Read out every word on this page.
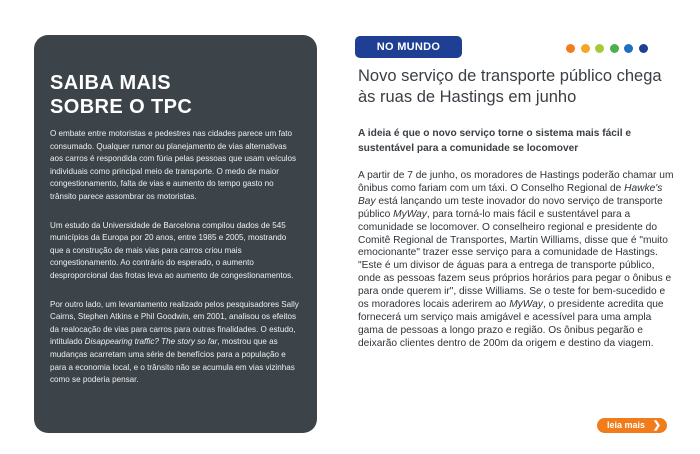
SAIBA MAIS
SOBRE O TPC

O embate entre motoristas e pedestres nas cidades parece um fato consumado. Qualquer rumor ou planejamento de vias alternativas aos carros é respondida com fúria pelas pessoas que usam veículos individuais como principal meio de transporte. O medo de maior congestionamento, falta de vias e aumento do tempo gasto no trânsito parece assombrar os motoristas.

Um estudo da Universidade de Barcelona compilou dados de 545 municípios da Europa por 20 anos, entre 1985 e 2005, mostrando que a construção de mais vias para carros criou mais congestionamento. Ao contrário do esperado, o aumento desproporcional das frotas leva ao aumento de congestionamentos.

Por outro lado, um levantamento realizado pelos pesquisadores Sally Cairns, Stephen Atkins e Phil Goodwin, em 2001, analisou os efeitos da realocação de vias para carros para outras finalidades. O estudo, intitulado Disappearing traffic? The story so far, mostrou que as mudanças acarretam uma série de benefícios para a população e para a economia local, e o trânsito não se acumula em vias vizinhas como se poderia pensar.

NO MUNDO
Novo serviço de transporte público chega às ruas de Hastings em junho

A ideia é que o novo serviço torne o sistema mais fácil e sustentável para a comunidade se locomover

A partir de 7 de junho, os moradores de Hastings poderão chamar um ônibus como fariam com um táxi. O Conselho Regional de Hawke's Bay está lançando um teste inovador do novo serviço de transporte público MyWay, para torná-lo mais fácil e sustentável para a comunidade se locomover. O conselheiro regional e presidente do Comitê Regional de Transportes, Martin Williams, disse que é "muito emocionante" trazer esse serviço para a comunidade de Hastings. "Este é um divisor de águas para a entrega de transporte público, onde as pessoas fazem seus próprios horários para pegar o ônibus e para onde querem ir", disse Williams. Se o teste for bem-sucedido e os moradores locais aderirem ao MyWay, o presidente acredita que fornecerá um serviço mais amigável e acessível para uma ampla gama de pessoas a longo prazo e região. Os ônibus pegarão e deixarão clientes dentro de 200m da origem e destino da viagem.

leia mais ❯
